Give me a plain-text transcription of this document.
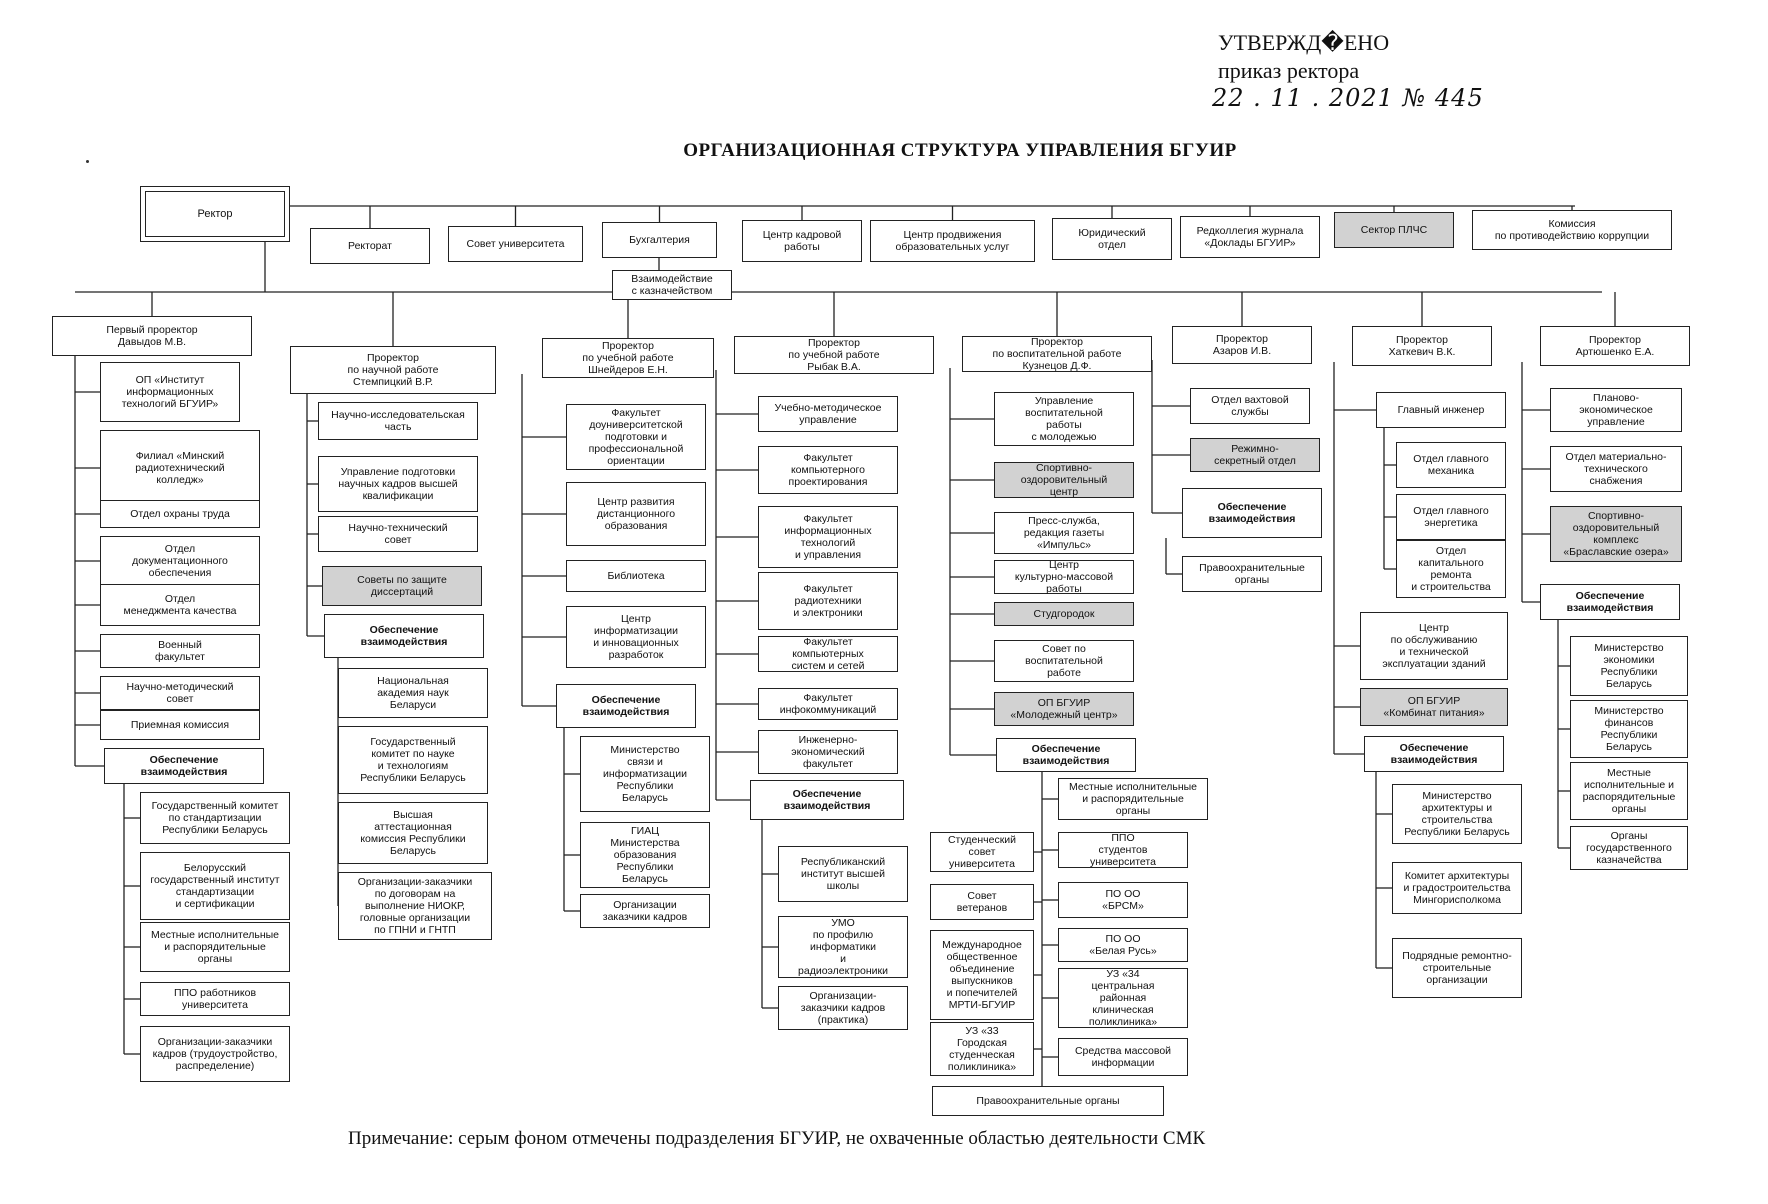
УТВЕРЖД�ЕНО
приказ ректора
22 . 11 . 2021 № 445
ОРГАНИЗАЦИОННАЯ СТРУКТУРА УПРАВЛЕНИЯ БГУИР
Примечание: серым фоном отмечены подразделения БГУИР, не охваченные областью деятельности СМК
Ректор
Ректорат	Совет университета	Бухгалтерия	Центр кадровой
работы
Центр продвижения
образовательных услуг
Юридический
отдел
Редколлегия журнала
«Доклады БГУИР»
Сектор ПЛЧС
Комиссия
по противодействию коррупции
Взаимодействие
с казначейством
Первый проректор
Давыдов М.В.
ОП «Институт
информационных
технологий БГУИР»
Филиал «Минский
радиотехнический
колледж»
Отдел охраны труда
Отдел
документационного
обеспечения
Отдел
менеджмента качества
Военный
факультет
Научно-методический
совет
Приемная комиссия
Обеспечение
взаимодействия
Государственный комитет
по стандартизации
Республики Беларусь
Белорусский
государственный институт
стандартизации
и сертификации
Местные исполнительные
и распорядительные
органы
ППО работников
университета
Организации-заказчики
кадров (трудоустройство,
распределение)
Проректор
по научной работе
Стемпицкий В.Р.
Научно-исследовательская
часть
Управление подготовки
научных кадров высшей
квалификации
Научно-технический
совет
Советы по защите
диссертаций
Обеспечение
взаимодействия
Национальная
академия наук
Беларуси
Государственный
комитет по науке
и технологиям
Республики Беларусь
Высшая
аттестационная
комиссия Республики
Беларусь
Организации-заказчики
по договорам на
выполнение НИОКР,
головные организации
по ГПНИ и ГНТП
Проректор
по учебной работе
Шнейдеров Е.Н.
Факультет
доуниверситетской
подготовки и
профессиональной
ориентации
Центр развития
дистанционного
образования
Библиотека
Центр
информатизации
и инновационных
разработок
Обеспечение
взаимодействия
Министерство
связи и
информатизации
Республики
Беларусь
ГИАЦ
Министерства
образования
Республики
Беларусь
Организации
заказчики кадров
Проректор
по учебной работе
Рыбак В.А.
Учебно-методическое
управление
Факультет
компьютерного
проектирования
Факультет
информационных
технологий
и управления
Факультет
радиотехники
и электроники
Факультет
компьютерных
систем и сетей
Факультет
инфокоммуникаций
Инженерно-
экономический
факультет
Обеспечение
взаимодействия
Республиканский
институт высшей
школы
УМО
по профилю
информатики
и
радиоэлектроники
Организации-
заказчики кадров
(практика)
Проректор
по воспитательной работе
Кузнецов Д.Ф.
Управление
воспитательной
работы
с молодежью
Спортивно-
оздоровительный
центр
Пресс-служба,
редакция газеты
«Импульс»
Центр
культурно-массовой
работы
Студгородок
Совет по
воспитательной
работе
ОП БГУИР
«Молодежный центр»
Обеспечение
взаимодействия
Студенческий
совет
университета
Совет
ветеранов
Международное
общественное
объединение
выпускников
и попечителей
МРТИ-БГУИР
УЗ «33
Городская
студенческая
поликлиника»
Местные исполнительные
и распорядительные
органы
ППО
студентов
университета
ПО ОО
«БРСМ»
ПО ОО
«Белая Русь»
УЗ «34
центральная
районная
клиническая
поликлиника»
Средства массовой
информации
Правоохранительные органы
Проректор
Азаров И.В.
Отдел вахтовой
службы
Режимно-
секретный отдел
Обеспечение
взаимодействия
Правоохранительные
органы
Проректор
Хаткевич В.К.
Центр
по обслуживанию
и технической
эксплуатации зданий
ОП БГУИР
«Комбинат питания»
Обеспечение
взаимодействия
Министерство
архитектуры и
строительства
Республики Беларусь
Комитет архитектуры
и градостроительства
Мингорисполкома
Подрядные ремонтно-
строительные
организации
Главный инженер
Отдел главного
механика
Отдел главного
энергетика
Отдел
капитального
ремонта
и строительства
Проректор
Артюшенко Е.А.
Планово-
экономическое
управление
Отдел материально-
технического
снабжения
Спортивно-
оздоровительный
комплекс
«Браславские озера»
Обеспечение
взаимодействия
Министерство
экономики
Республики
Беларусь
Министерство
финансов
Республики
Беларусь
Местные
исполнительные и
распорядительные
органы
Органы
государственного
казначейства
